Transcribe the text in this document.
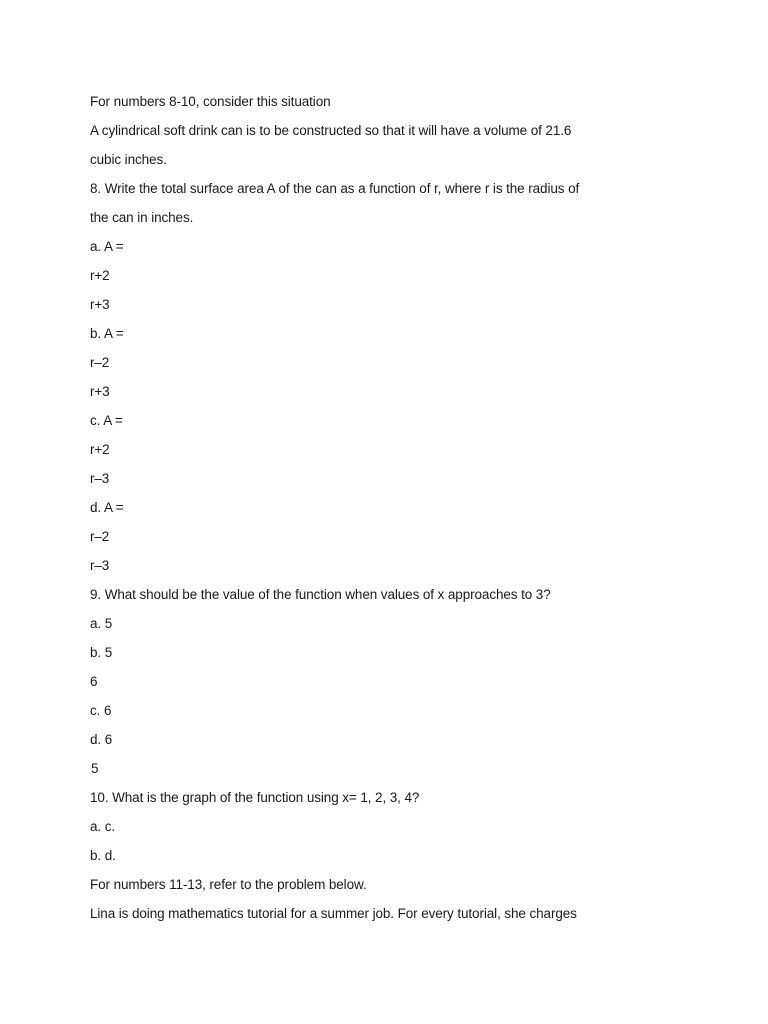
For numbers 8-10, consider this situation
A cylindrical soft drink can is to be constructed so that it will have a volume of 21.6
cubic inches.
8. Write the total surface area A of the can as a function of r, where r is the radius of
the can in inches.
a. A =
r+2
r+3
b. A =
r–2
r+3
c. A =
r+2
r–3
d. A =
r–2
r–3
9. What should be the value of the function when values of x approaches to 3?
a. 5
b. 5
6
c. 6
d. 6
5
10. What is the graph of the function using x= 1, 2, 3, 4?
a. c.
b. d.
For numbers 11-13, refer to the problem below.
Lina is doing mathematics tutorial for a summer job. For every tutorial, she charges
